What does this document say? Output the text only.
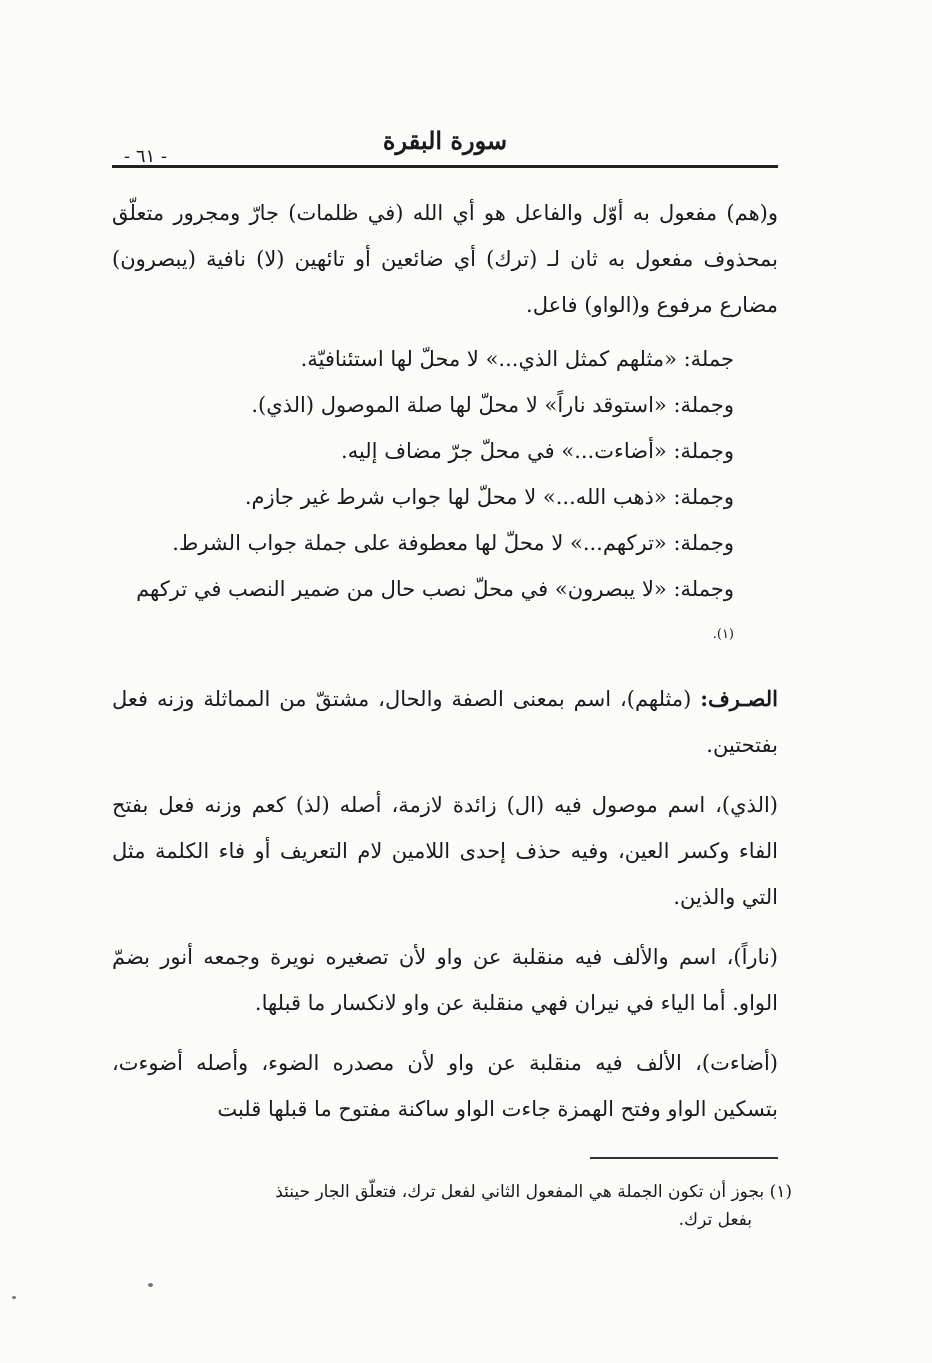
سورة البقرة
- ٦١ -

و(هم) مفعول به أوّل والفاعل هو أي الله (في ظلمات) جارّ ومجرور متعلّق بمحذوف مفعول به ثان لـ (ترك) أي ضائعين أو تائهين (لا) نافية (يبصرون) مضارع مرفوع و(الواو) فاعل.

جملة: «مثلهم كمثل الذي...» لا محلّ لها استئنافيّة.

وجملة: «استوقد ناراً» لا محلّ لها صلة الموصول (الذي).

وجملة: «أضاءت...» في محلّ جرّ مضاف إليه.

وجملة: «ذهب الله...» لا محلّ لها جواب شرط غير جازم.

وجملة: «تركهم...» لا محلّ لها معطوفة على جملة جواب الشرط.

وجملة: «لا يبصرون» في محلّ نصب حال من ضمير النصب في تركهم $^{(١).}$

الصـرف: (مثلهم)، اسم بمعنى الصفة والحال، مشتقّ من المماثلة وزنه فعل بفتحتين.

(الذي)، اسم موصول فيه (ال) زائدة لازمة، أصله (لذ) كعم وزنه فعل بفتح الفاء وكسر العين، وفيه حذف إحدى اللامين لام التعريف أو فاء الكلمة مثل التي والذين.

(ناراً)، اسم والألف فيه منقلبة عن واو لأن تصغيره نويرة وجمعه أنور بضمّ الواو. أما الياء في نيران فهي منقلبة عن واو لانكسار ما قبلها.

(أضاءت)، الألف فيه منقلبة عن واو لأن مصدره الضوء، وأصله أضوءت، بتسكين الواو وفتح الهمزة جاءت الواو ساكنة مفتوح ما قبلها قلبت

(١) بجوز أن تكون الجملة هي المفعول الثاني لفعل ترك، فتعلّق الجار حينئذ
بفعل ترك.
